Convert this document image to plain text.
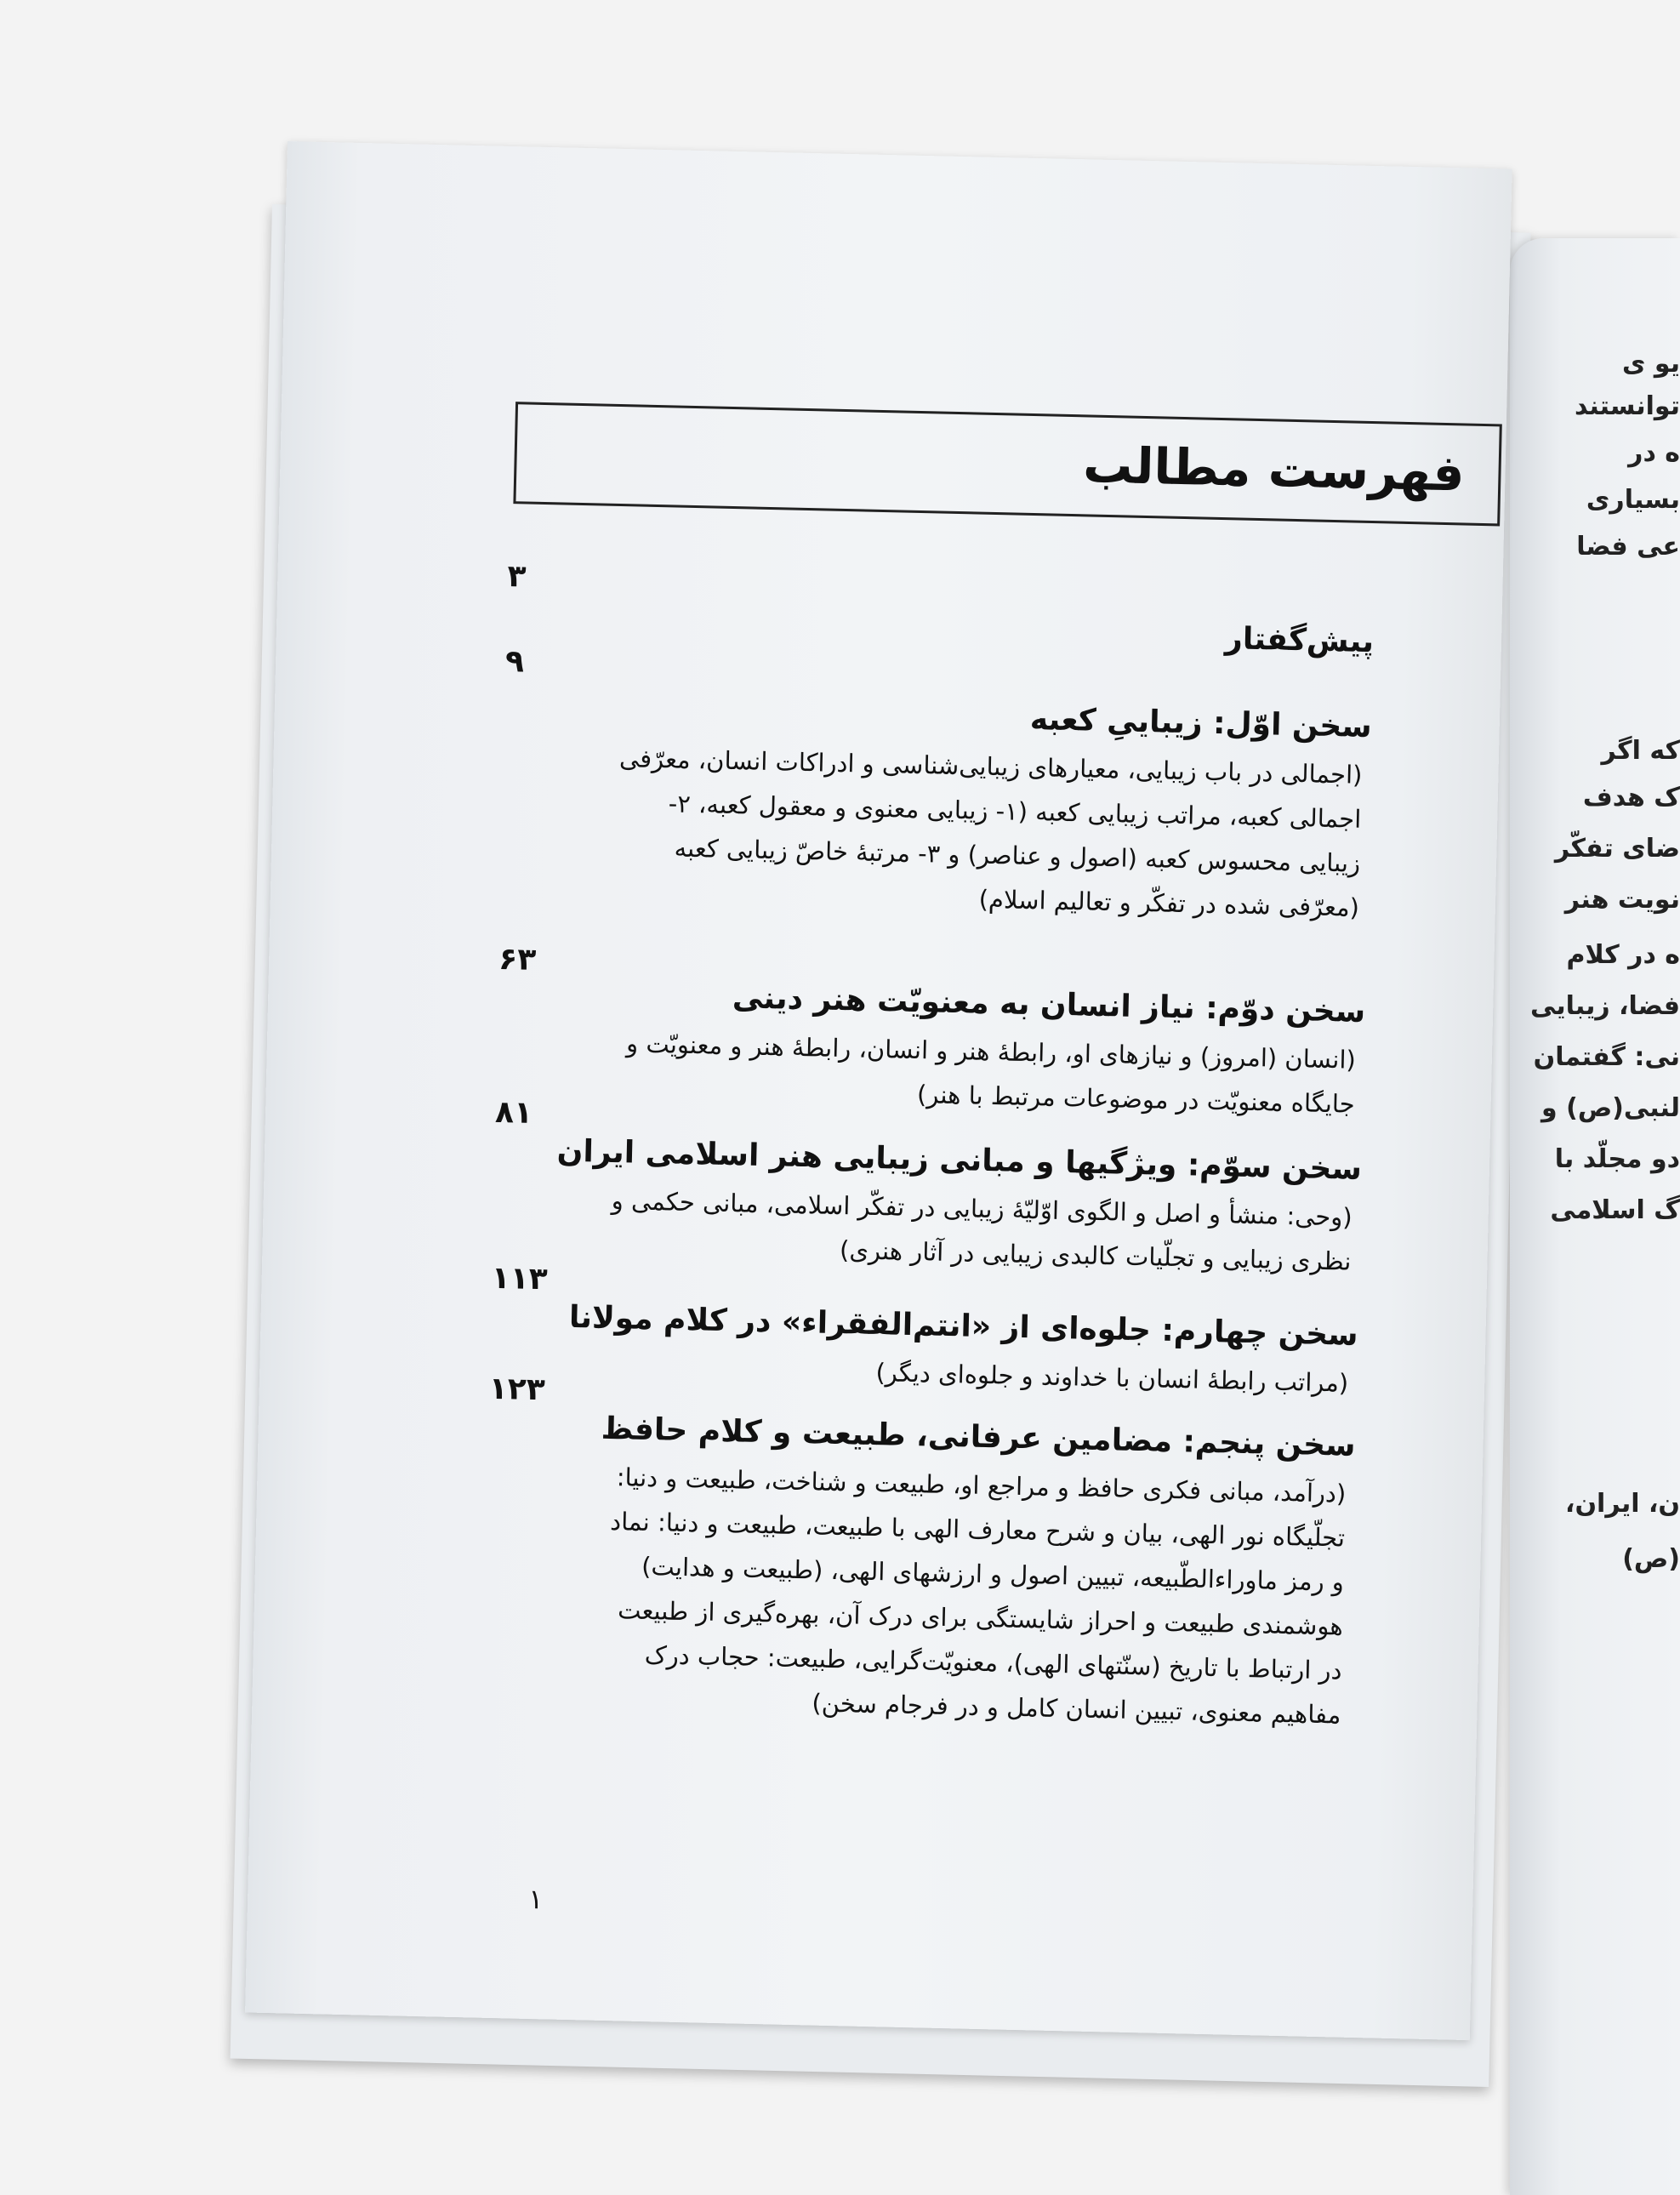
یو ی
توانستند
ه در
بسیاری
عی فضا
که اگر
ک هدف
ضای تفکّر
نویت هنر
ه در کلام
فضا، زیبایی
نی: گفتمان
لنبی(ص) و
دو مجلّد با
گ اسلامی
ن، ایران،
(ص)
فهرست مطالب
پیش‌گفتار
۳
سخن اوّل: زیباییِ کعبه
(اجمالی در باب زیبایی، معیارهای زیبایی‌شناسی و ادراکات انسان، معرّفی اجمالی کعبه، مراتب زیبایی کعبه (۱- زیبایی معنوی و معقول کعبه، ۲- زیبایی محسوس کعبه (اصول و عناصر) و ۳- مرتبهٔ خاصّ زیبایی کعبه (معرّفی شده در تفکّر و تعالیم اسلام)
۹
سخن دوّم: نیاز انسان به معنویّت هنر دینی
(انسان (امروز) و نیازهای او، رابطهٔ هنر و انسان، رابطهٔ هنر و معنویّت و جایگاه معنویّت در موضوعات مرتبط با هنر)
۶۳
سخن سوّم: ویژگیها و مبانی زیبایی هنر اسلامی ایران
(وحی: منشأ و اصل و الگوی اوّلیّهٔ زیبایی در تفکّر اسلامی، مبانی حکمی و نظری زیبایی و تجلّیات کالبدی زیبایی در آثار هنری)
۸۱
سخن چهارم: جلوه‌ای از «انتم‌الفقراء» در کلام مولانا
(مراتب رابطهٔ انسان با خداوند و جلوه‌ای دیگر)
۱۱۳
سخن پنجم: مضامین عرفانی، طبیعت و کلام حافظ
(درآمد، مبانی فکری حافظ و مراجع او، طبیعت و شناخت، طبیعت و دنیا: تجلّیگاه نور الهی، بیان و شرح معارف الهی با طبیعت، طبیعت و دنیا: نماد و رمز ماوراءالطّبیعه، تبیین اصول و ارزشهای الهی، (طبیعت و هدایت) هوشمندی طبیعت و احراز شایستگی برای درک آن، بهره‌گیری از طبیعت در ارتباط با تاریخ (سنّتهای الهی)، معنویّت‌گرایی، طبیعت: حجاب درک مفاهیم معنوی، تبیین انسان کامل و در فرجام سخن)
۱۲۳
۱
